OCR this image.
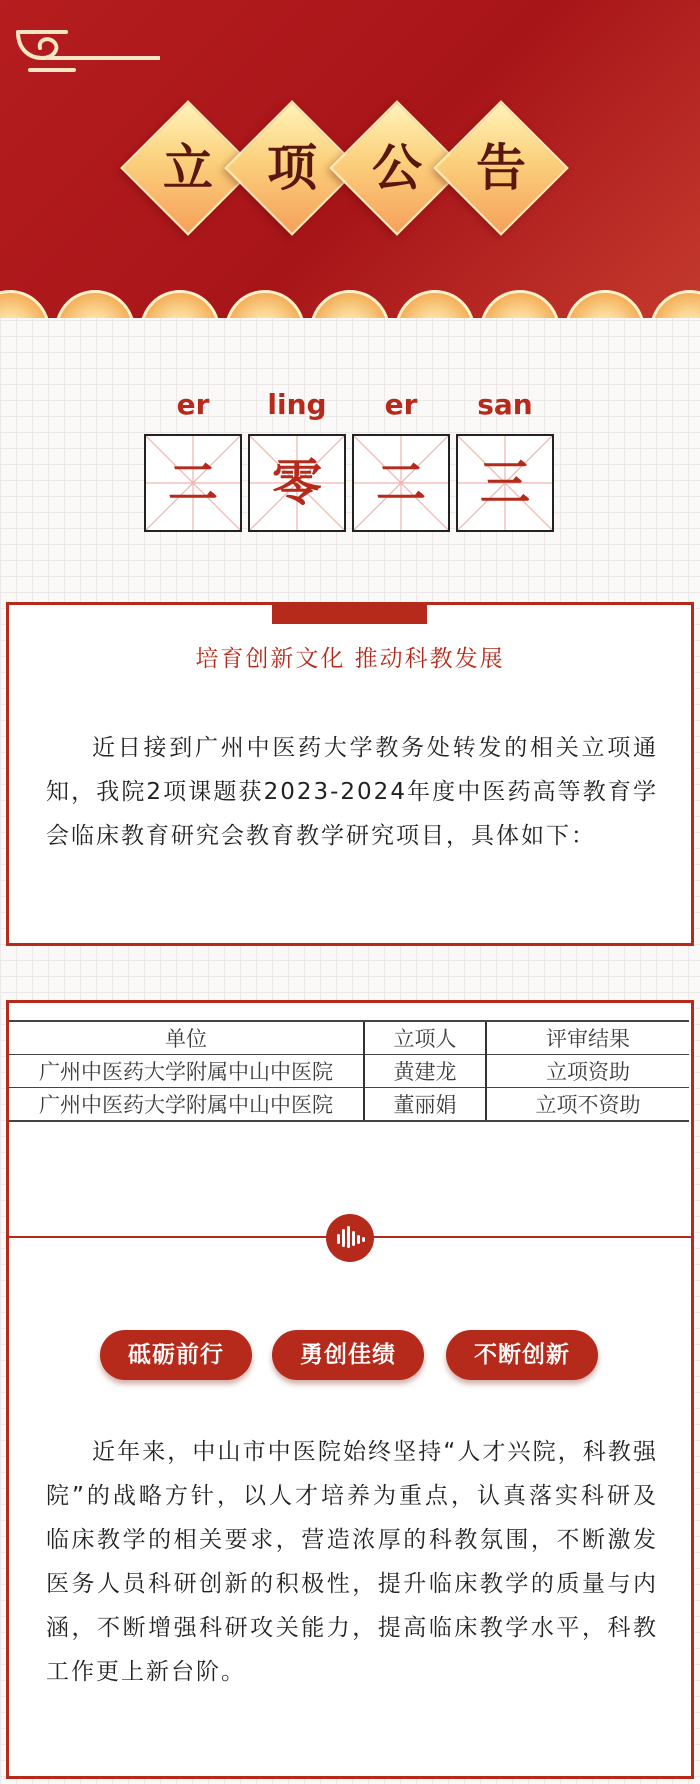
立	项	公	告
er	ling	er	san
二	零	二	三
培育创新文化 推动科教发展
近日接到广州中医药大学教务处转发的相关立项通知，我院2项课题获2023-2024年度中医药高等教育学会临床教育研究会教育教学研究项目，具体如下：
单位	立项人	评审结果
广州中医药大学附属中山中医院	黄建龙	立项资助
广州中医药大学附属中山中医院	董丽娟	立项不资助
砥砺前行	勇创佳绩	不断创新
近年来，中山市中医院始终坚持“人才兴院，科教强院”的战略方针，以人才培养为重点，认真落实科研及临床教学的相关要求，营造浓厚的科教氛围，不断激发医务人员科研创新的积极性，提升临床教学的质量与内涵，不断增强科研攻关能力，提高临床教学水平，科教工作更上新台阶。
